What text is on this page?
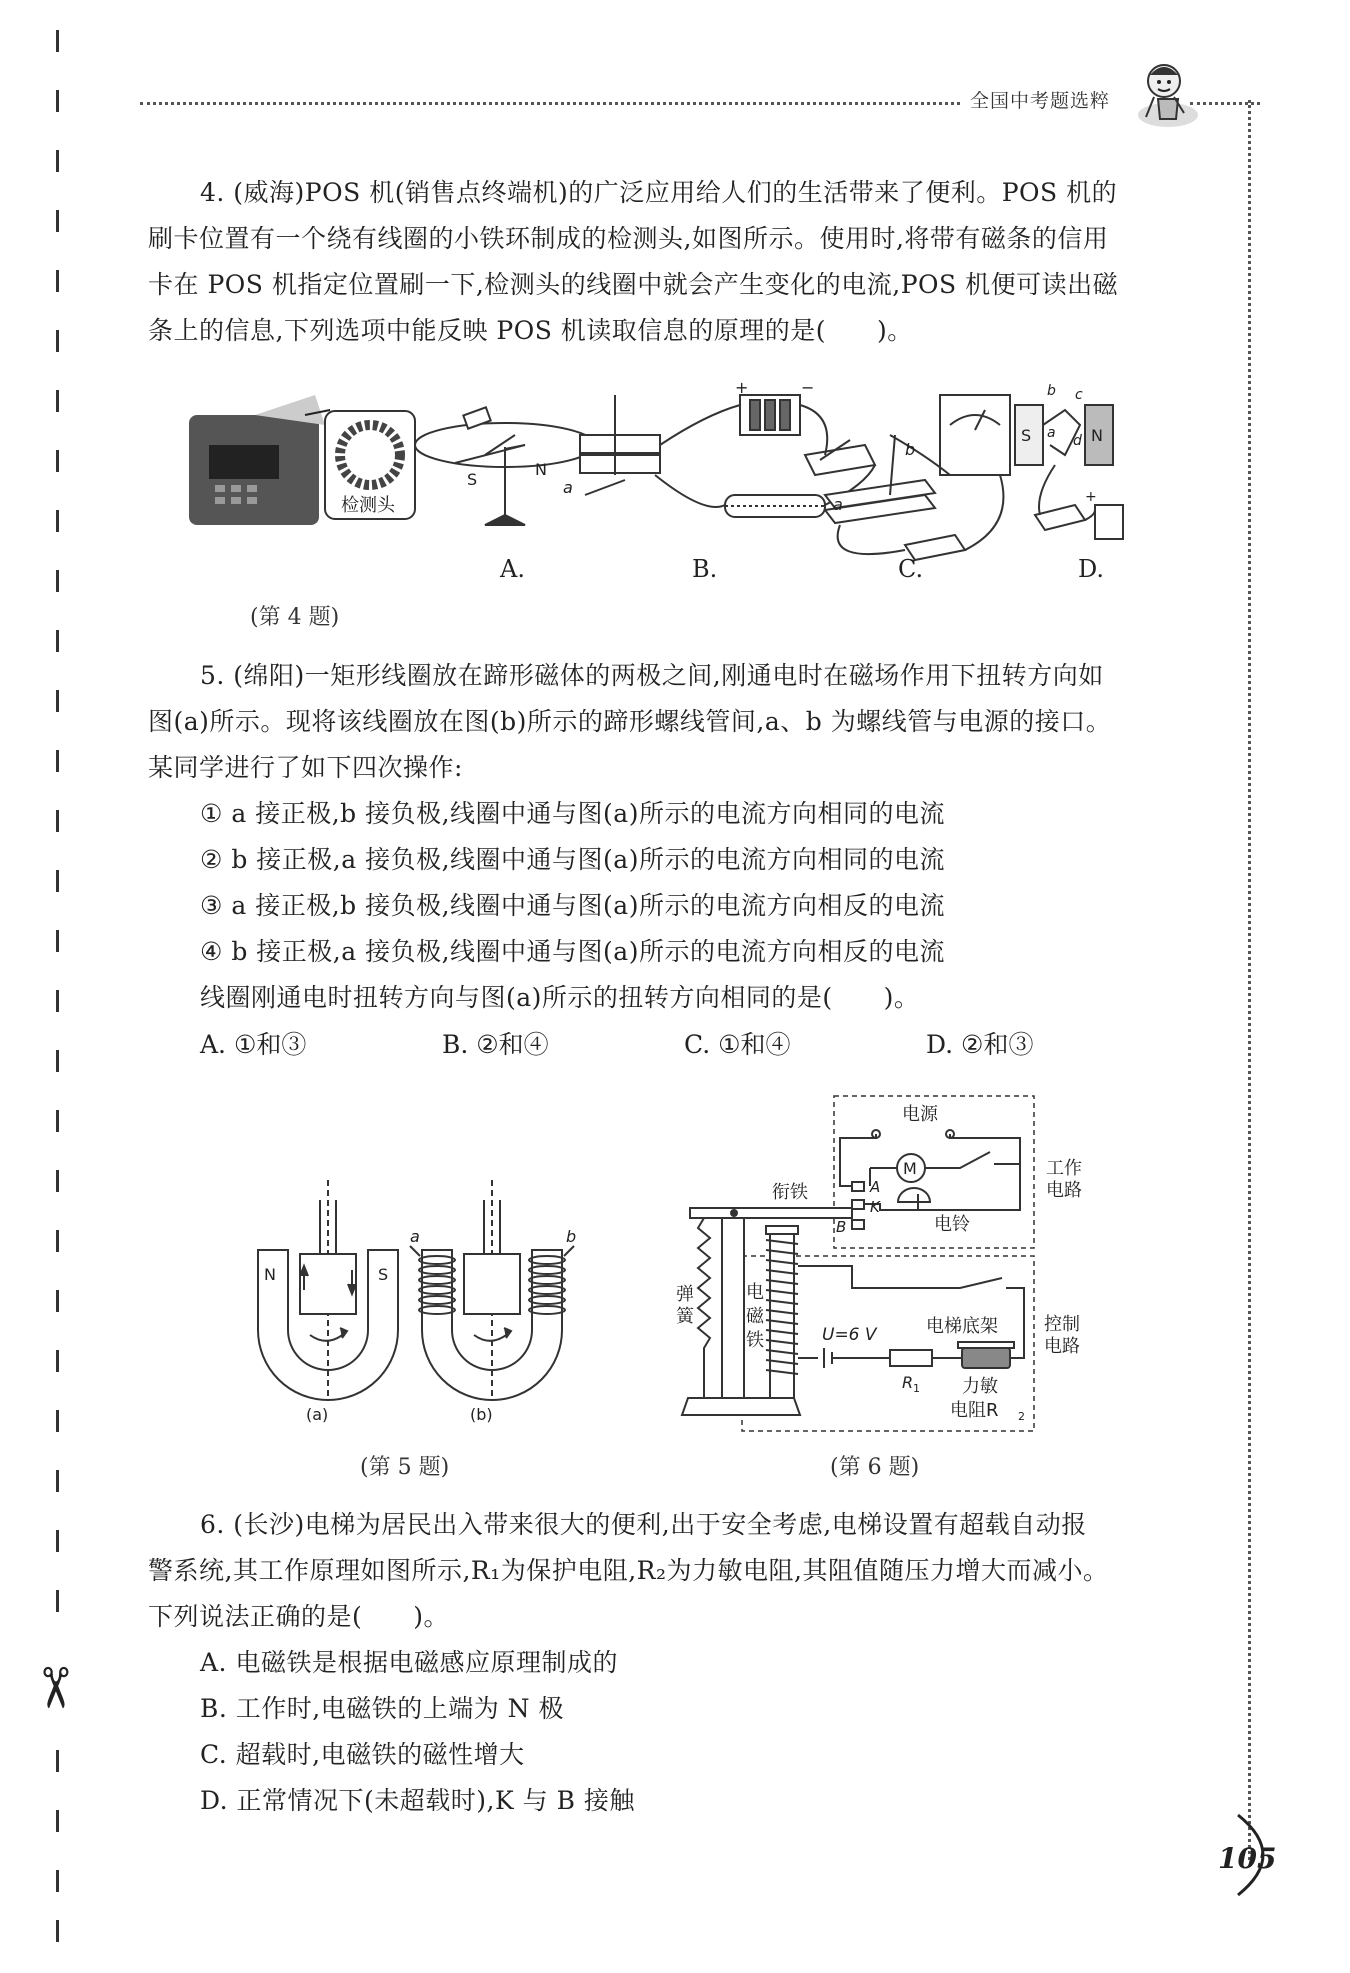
✂
全国中考题选粹
4. (威海)POS 机(销售点终端机)的广泛应用给人们的生活带来了便利。POS 机的
刷卡位置有一个绕有线圈的小铁环制成的检测头,如图所示。使用时,将带有磁条的信用
卡在 POS 机指定位置刷一下,检测头的线圈中就会产生变化的电流,POS 机便可读出磁
条上的信息,下列选项中能反映 POS 机读取信息的原理的是(　　)。
检测头
S
N
a
+	−
b
a
S	N
b c
d
a
+
A.	B.	C.	D.
(第 4 题)
5. (绵阳)一矩形线圈放在蹄形磁体的两极之间,刚通电时在磁场作用下扭转方向如
图(a)所示。现将该线圈放在图(b)所示的蹄形螺线管间,a、b 为螺线管与电源的接口。
某同学进行了如下四次操作:
① a 接正极,b 接负极,线圈中通与图(a)所示的电流方向相同的电流
② b 接正极,a 接负极,线圈中通与图(a)所示的电流方向相同的电流
③ a 接正极,b 接负极,线圈中通与图(a)所示的电流方向相反的电流
④ b 接正极,a 接负极,线圈中通与图(a)所示的电流方向相反的电流
线圈刚通电时扭转方向与图(a)所示的扭转方向相同的是(　　)。
A. ①和③	B. ②和④	C. ①和④	D. ②和③
N	S
(a)
a	b
(b)
(第 5 题)
电源
M	工作
电路
A
K
B	电铃
衔铁
弹
簧
电
磁
铁	U=6 V	电梯底架	控制
电路
R 1 力敏
电阻R 2
(第 6 题)
6. (长沙)电梯为居民出入带来很大的便利,出于安全考虑,电梯设置有超载自动报
警系统,其工作原理如图所示,R₁为保护电阻,R₂为力敏电阻,其阻值随压力增大而减小。
下列说法正确的是(　　)。
A. 电磁铁是根据电磁感应原理制成的
B. 工作时,电磁铁的上端为 N 极
C. 超载时,电磁铁的磁性增大
D. 正常情况下(未超载时),K 与 B 接触
105
